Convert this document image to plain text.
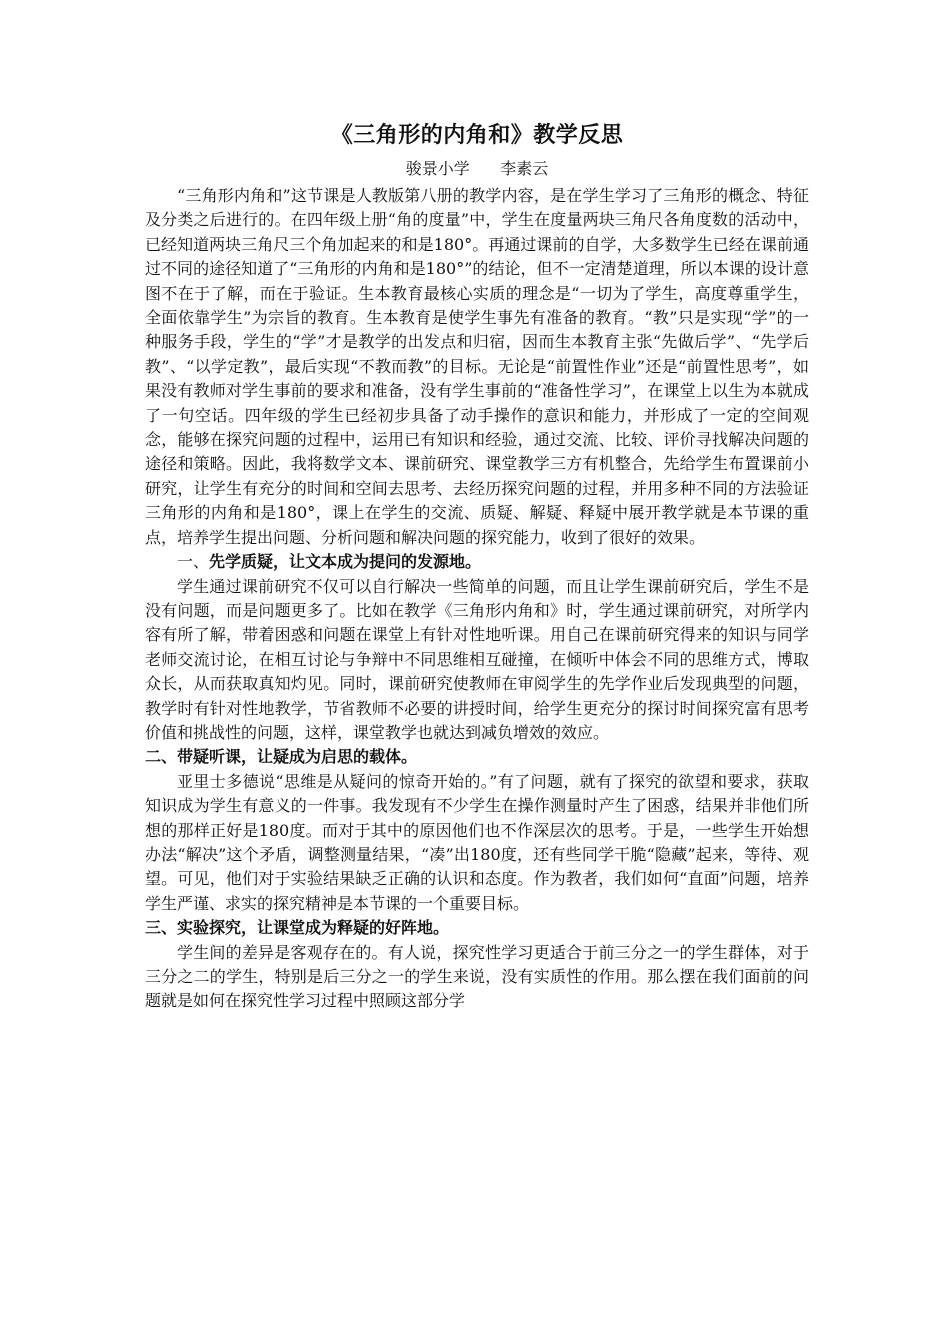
《三角形的内角和》教学反思
骏景小学      李素云

“三角形内角和”这节课是人教版第八册的教学内容，是在学生学习了三角形的概念、特征及分类之后进行的。在四年级上册“角的度量”中，学生在度量两块三角尺各角度数的活动中，已经知道两块三角尺三个角加起来的和是180°。再通过课前的自学，大多数学生已经在课前通过不同的途径知道了“三角形的内角和是180°”的结论，但不一定清楚道理，所以本课的设计意图不在于了解，而在于验证。生本教育最核心实质的理念是“一切为了学生，高度尊重学生，全面依靠学生”为宗旨的教育。生本教育是使学生事先有准备的教育。“教”只是实现“学”的一种服务手段，学生的“学”才是教学的出发点和归宿，因而生本教育主张“先做后学”、“先学后教”、“以学定教”，最后实现“不教而教”的目标。无论是“前置性作业”还是“前置性思考”，如果没有教师对学生事前的要求和准备，没有学生事前的“准备性学习”，在课堂上以生为本就成了一句空话。四年级的学生已经初步具备了动手操作的意识和能力，并形成了一定的空间观念，能够在探究问题的过程中，运用已有知识和经验，通过交流、比较、评价寻找解决问题的途径和策略。因此，我将数学文本、课前研究、课堂教学三方有机整合，先给学生布置课前小研究，让学生有充分的时间和空间去思考、去经历探究问题的过程，并用多种不同的方法验证三角形的内角和是180°，课上在学生的交流、质疑、解疑、释疑中展开教学就是本节课的重点，培养学生提出问题、分析问题和解决问题的探究能力，收到了很好的效果。

一、先学质疑，让文本成为提问的发源地。

学生通过课前研究不仅可以自行解决一些简单的问题，而且让学生课前研究后，学生不是没有问题，而是问题更多了。比如在教学《三角形内角和》时，学生通过课前研究，对所学内容有所了解，带着困惑和问题在课堂上有针对性地听课。用自己在课前研究得来的知识与同学老师交流讨论，在相互讨论与争辩中不同思维相互碰撞，在倾听中体会不同的思维方式，博取众长，从而获取真知灼见。同时，课前研究使教师在审阅学生的先学作业后发现典型的问题，教学时有针对性地教学，节省教师不必要的讲授时间，给学生更充分的探讨时间探究富有思考价值和挑战性的问题，这样，课堂教学也就达到减负增效的效应。

二、带疑听课，让疑成为启思的载体。

亚里士多德说“思维是从疑问的惊奇开始的。”有了问题，就有了探究的欲望和要求，获取知识成为学生有意义的一件事。我发现有不少学生在操作测量时产生了困惑，结果并非他们所想的那样正好是180度。而对于其中的原因他们也不作深层次的思考。于是，一些学生开始想办法“解决”这个矛盾，调整测量结果，“凑”出180度，还有些同学干脆“隐藏”起来，等待、观望。可见，他们对于实验结果缺乏正确的认识和态度。作为教者，我们如何“直面”问题，培养学生严谨、求实的探究精神是本节课的一个重要目标。

三、实验探究，让课堂成为释疑的好阵地。

学生间的差异是客观存在的。有人说，探究性学习更适合于前三分之一的学生群体，对于三分之二的学生，特别是后三分之一的学生来说，没有实质性的作用。那么摆在我们面前的问题就是如何在探究性学习过程中照顾这部分学
